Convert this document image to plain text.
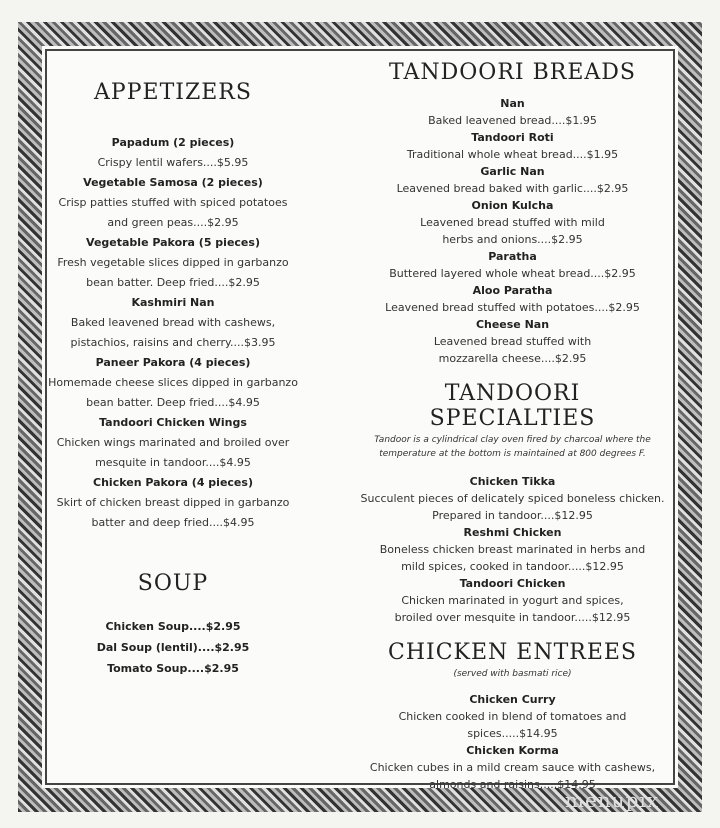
APPETIZERS
Papadum (2 pieces)
Crispy lentil wafers....$5.95
Vegetable Samosa (2 pieces)
Crisp patties stuffed with spiced potatoes
and green peas....$2.95
Vegetable Pakora (5 pieces)
Fresh vegetable slices dipped in garbanzo
bean batter. Deep fried....$2.95
Kashmiri Nan
Baked leavened bread with cashews,
pistachios, raisins and cherry....$3.95
Paneer Pakora (4 pieces)
Homemade cheese slices dipped in garbanzo
bean batter. Deep fried....$4.95
Tandoori Chicken Wings
Chicken wings marinated and broiled over
mesquite in tandoor....$4.95
Chicken Pakora (4 pieces)
Skirt of chicken breast dipped in garbanzo
batter and deep fried....$4.95
SOUP
Chicken Soup....$2.95
Dal Soup (lentil)....$2.95
Tomato Soup....$2.95
TANDOORI BREADS
Nan
Baked leavened bread....$1.95
Tandoori Roti
Traditional whole wheat bread....$1.95
Garlic Nan
Leavened bread baked with garlic....$2.95
Onion Kulcha
Leavened bread stuffed with mild
herbs and onions....$2.95
Paratha
Buttered layered whole wheat bread....$2.95
Aloo Paratha
Leavened bread stuffed with potatoes....$2.95
Cheese Nan
Leavened bread stuffed with
mozzarella cheese....$2.95
TANDOORI SPECIALTIES
Tandoor is a cylindrical clay oven fired by charcoal where the
temperature at the bottom is maintained at 800 degrees F.
Chicken Tikka
Succulent pieces of delicately spiced boneless chicken.
Prepared in tandoor....$12.95
Reshmi Chicken
Boneless chicken breast marinated in herbs and
mild spices, cooked in tandoor.....$12.95
Tandoori Chicken
Chicken marinated in yogurt and spices,
broiled over mesquite in tandoor.....$12.95
CHICKEN ENTREES
(served with basmati rice)
Chicken Curry
Chicken cooked in blend of tomatoes and spices.....$14.95
Chicken Korma
Chicken cubes in a mild cream sauce with cashews,
almonds and raisins.....$14.95
menupix
